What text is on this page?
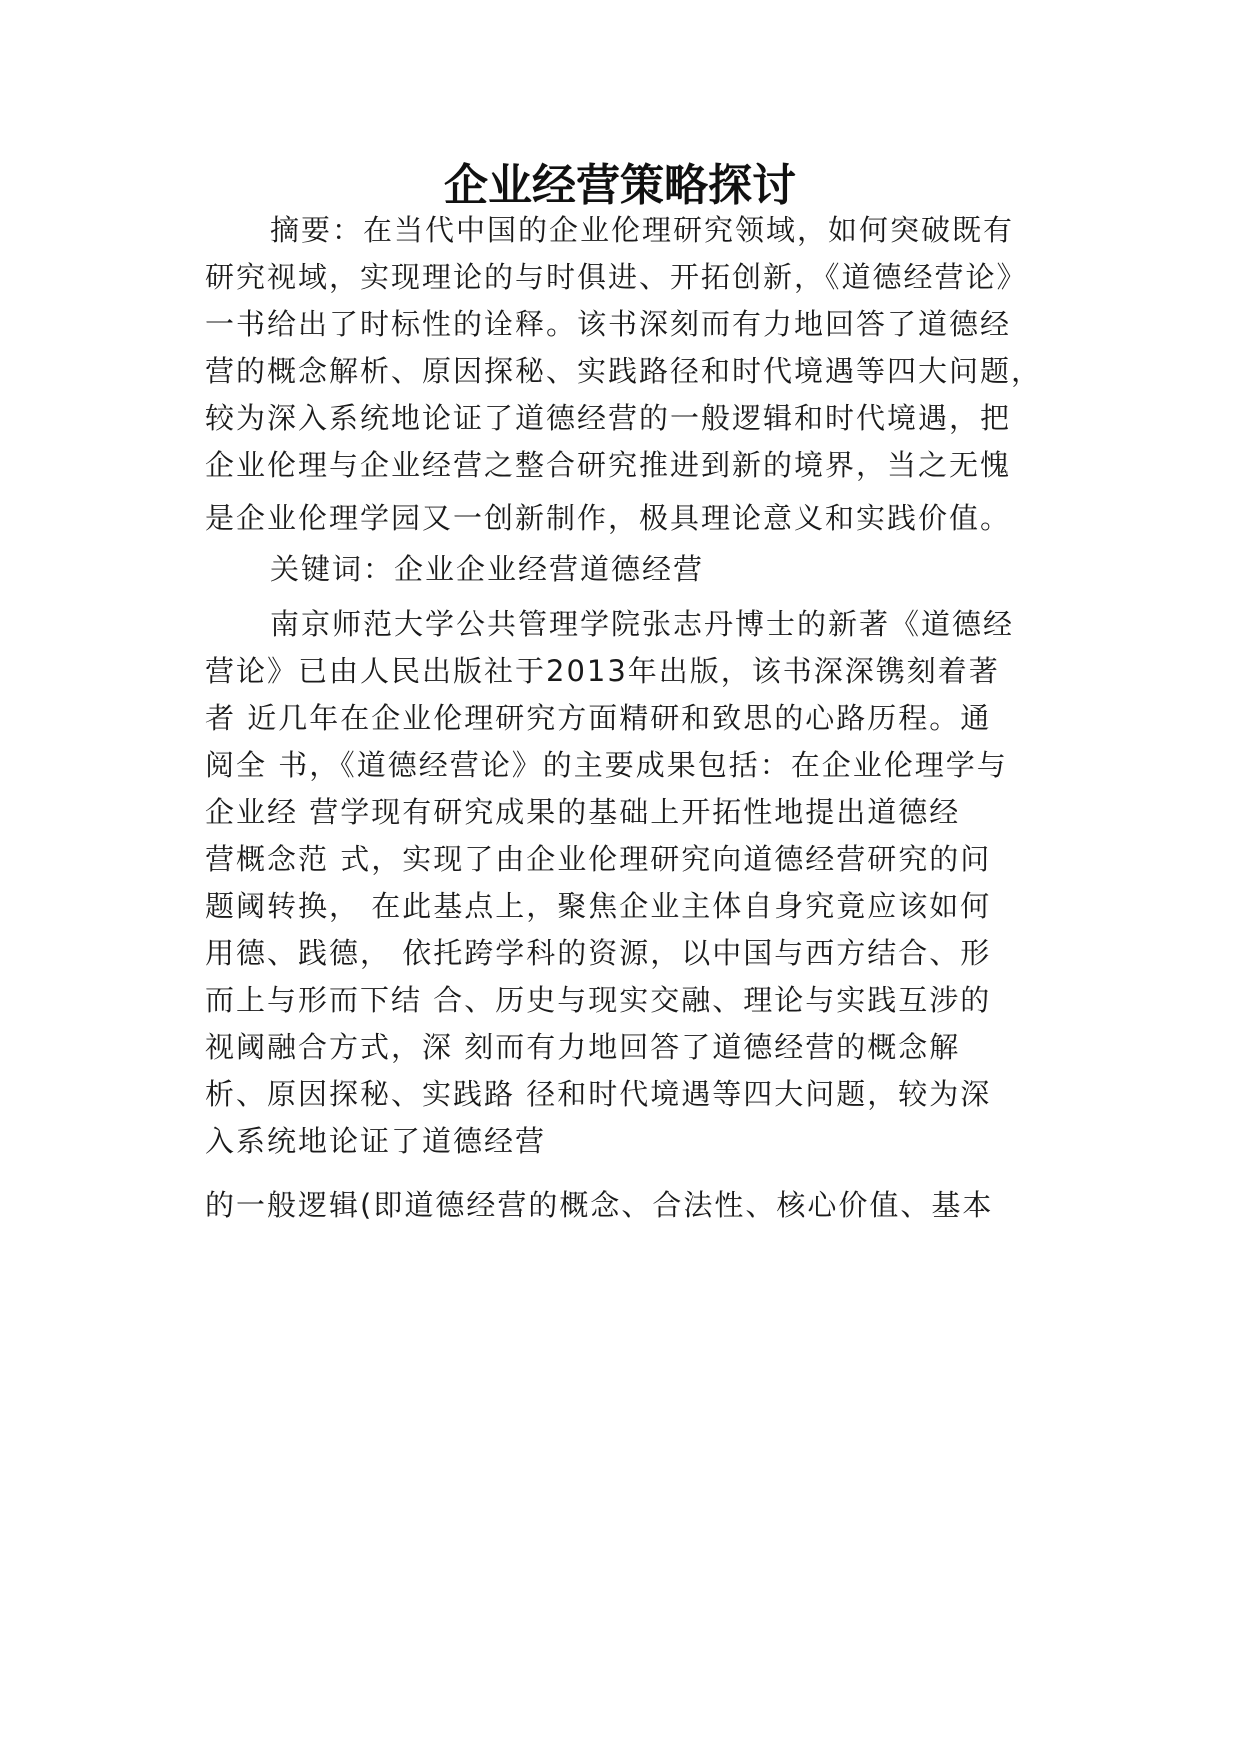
企业经营策略探讨

摘要：在当代中国的企业伦理研究领域，如何突破既有

研究视域，实现理论的与时俱进、开拓创新，《道德经营论》

一书给出了时标性的诠释。该书深刻而有力地回答了道德经

营的概念解析、原因探秘、实践路径和时代境遇等四大问题，

较为深入系统地论证了道德经营的一般逻辑和时代境遇，把

企业伦理与企业经营之整合研究推进到新的境界，当之无愧

是企业伦理学园又一创新制作，极具理论意义和实践价值。

关键词：企业企业经营道德经营

南京师范大学公共管理学院张志丹博士的新著《道德经

营论》已由人民出版社于2013年出版，该书深深镌刻着著

者 近几年在企业伦理研究方面精研和致思的心路历程。通

阅全 书，《道德经营论》的主要成果包括：在企业伦理学与

企业经 营学现有研究成果的基础上开拓性地提出道德经

营概念范 式，实现了由企业伦理研究向道德经营研究的问

题阈转换， 在此基点上，聚焦企业主体自身究竟应该如何

用德、践德， 依托跨学科的资源，以中国与西方结合、形

而上与形而下结 合、历史与现实交融、理论与实践互涉的

视阈融合方式，深 刻而有力地回答了道德经营的概念解

析、原因探秘、实践路 径和时代境遇等四大问题，较为深

入系统地论证了道德经营

的一般逻辑(即道德经营的概念、合法性、核心价值、基本
